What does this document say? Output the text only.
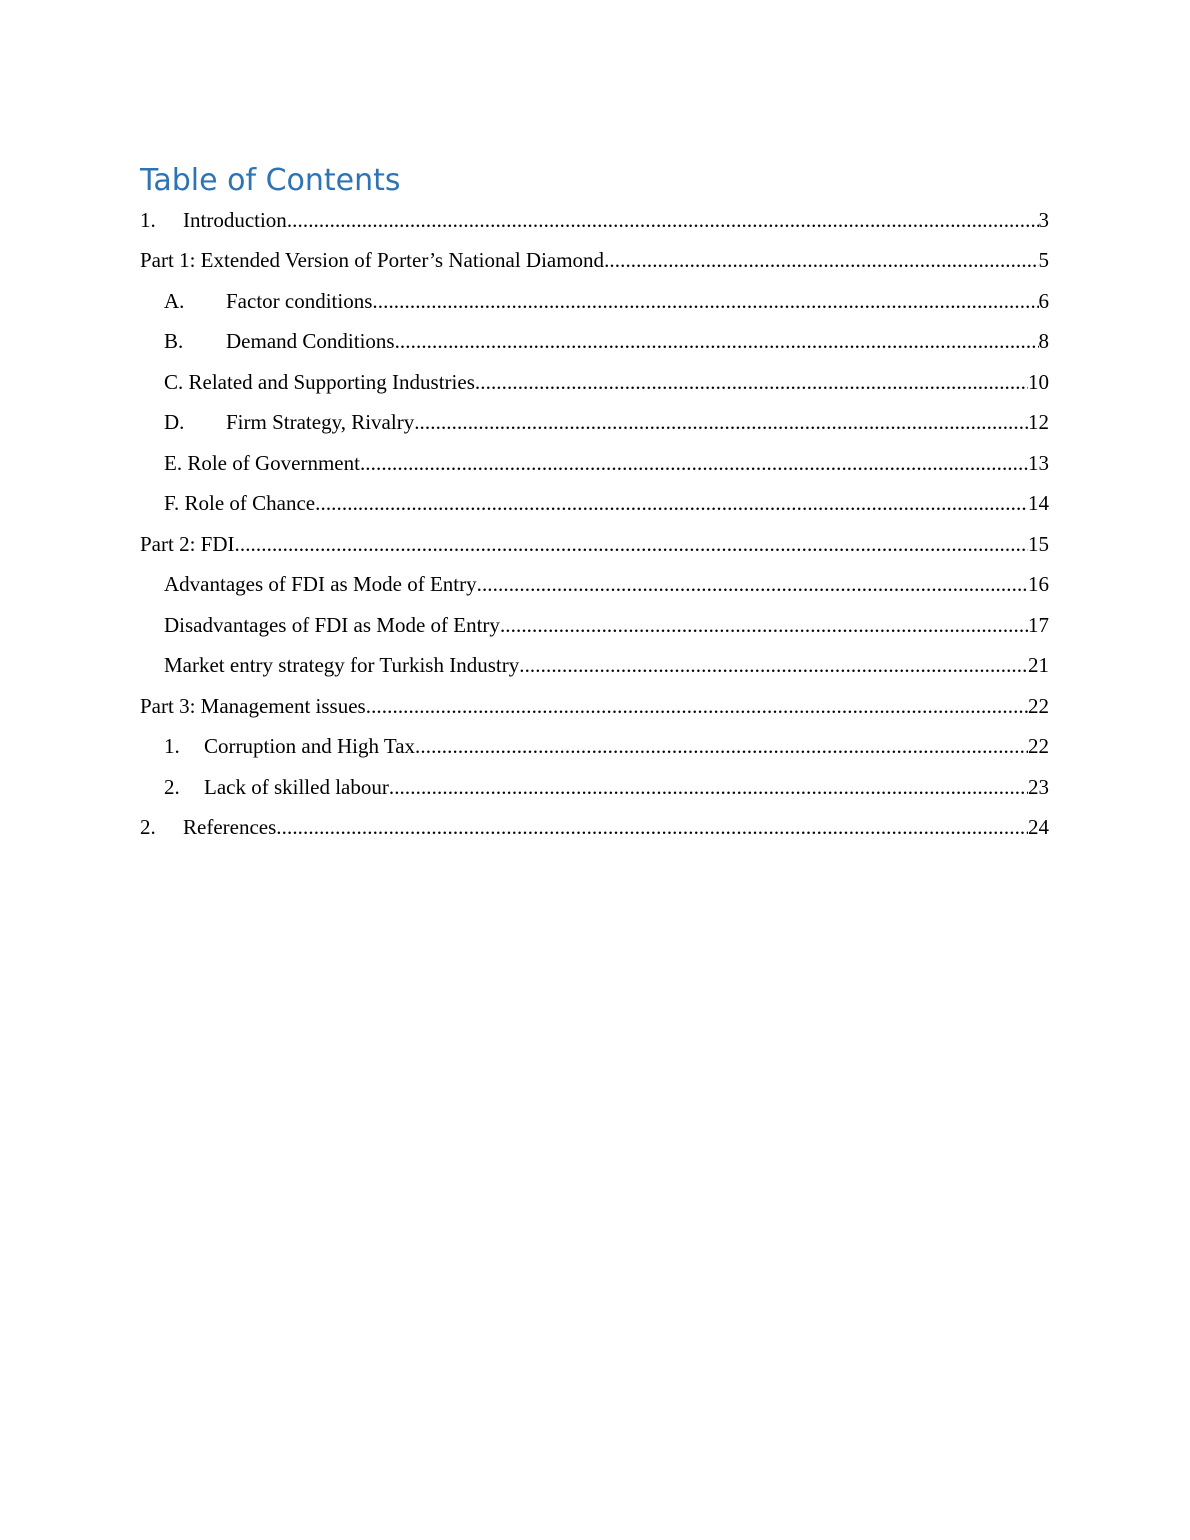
Table of Contents
1.	Introduction .....	3
Part 1: Extended Version of Porter’s National Diamond .....	5
A.	Factor conditions .....	6
B.	Demand Conditions .....	8
C. Related and Supporting Industries .....	10
D.	Firm Strategy, Rivalry .....	12
E. Role of Government .....	13
F. Role of Chance .....	14
Part 2: FDI .....	15
Advantages of FDI as Mode of Entry .....	16
Disadvantages of FDI as Mode of Entry .....	17
Market entry strategy for Turkish Industry .....	21
Part 3: Management issues .....	22
1.	Corruption and High Tax .....	22
2.	Lack of skilled labour .....	23
2.	References .....	24
